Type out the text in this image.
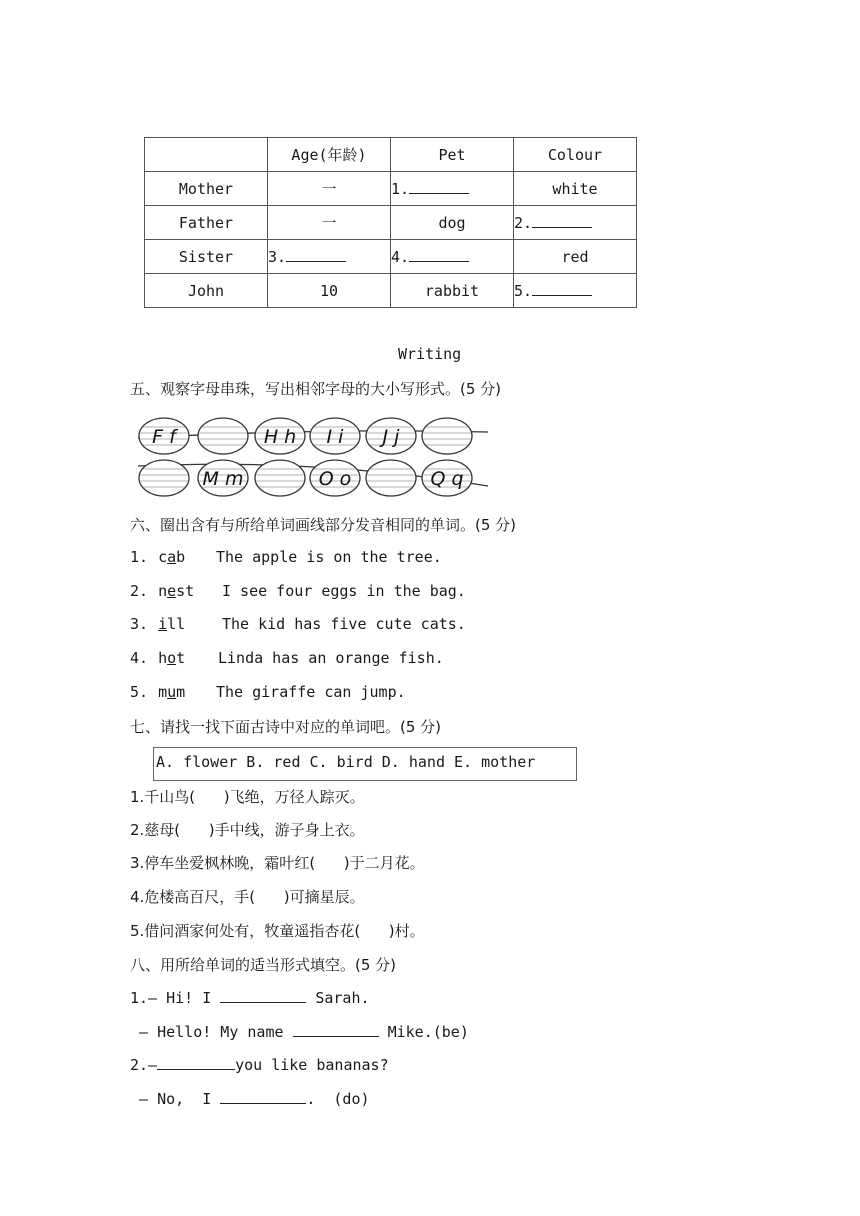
	Age(年龄)	Pet	Colour
Mother	一	1.	white
Father	一	dog	2.
Sister	3.	4.	red
John	10	rabbit	5.
Writing
五、观察字母串珠，写出相邻字母的大小写形式。(5 分)
F f	H h I i J j
M m	O o	Q q
六、圈出含有与所给单词画线部分发音相同的单词。(5 分)
1. cab The apple is on the tree.
2. nest I see four eggs in the bag.
3. ill The kid has five cute cats.
4. hot Linda has an orange fish.
5. mum The giraffe can jump.
七、请找一找下面古诗中对应的单词吧。(5 分)
A. flower B. red C. bird D. hand E. mother
1.千山鸟(      )飞绝，万径人踪灭。
2.慈母(      )手中线，游子身上衣。
3.停车坐爱枫林晚，霜叶红(      )于二月花。
4.危楼高百尺，手(      )可摘星辰。
5.借问酒家何处有，牧童遥指杏花(      )村。
八、用所给单词的适当形式填空。(5 分)
1.— Hi! I	Sarah.
— Hello! My name	Mike.(be)
2.—	you like bananas?
— No,  I	.  (do)
